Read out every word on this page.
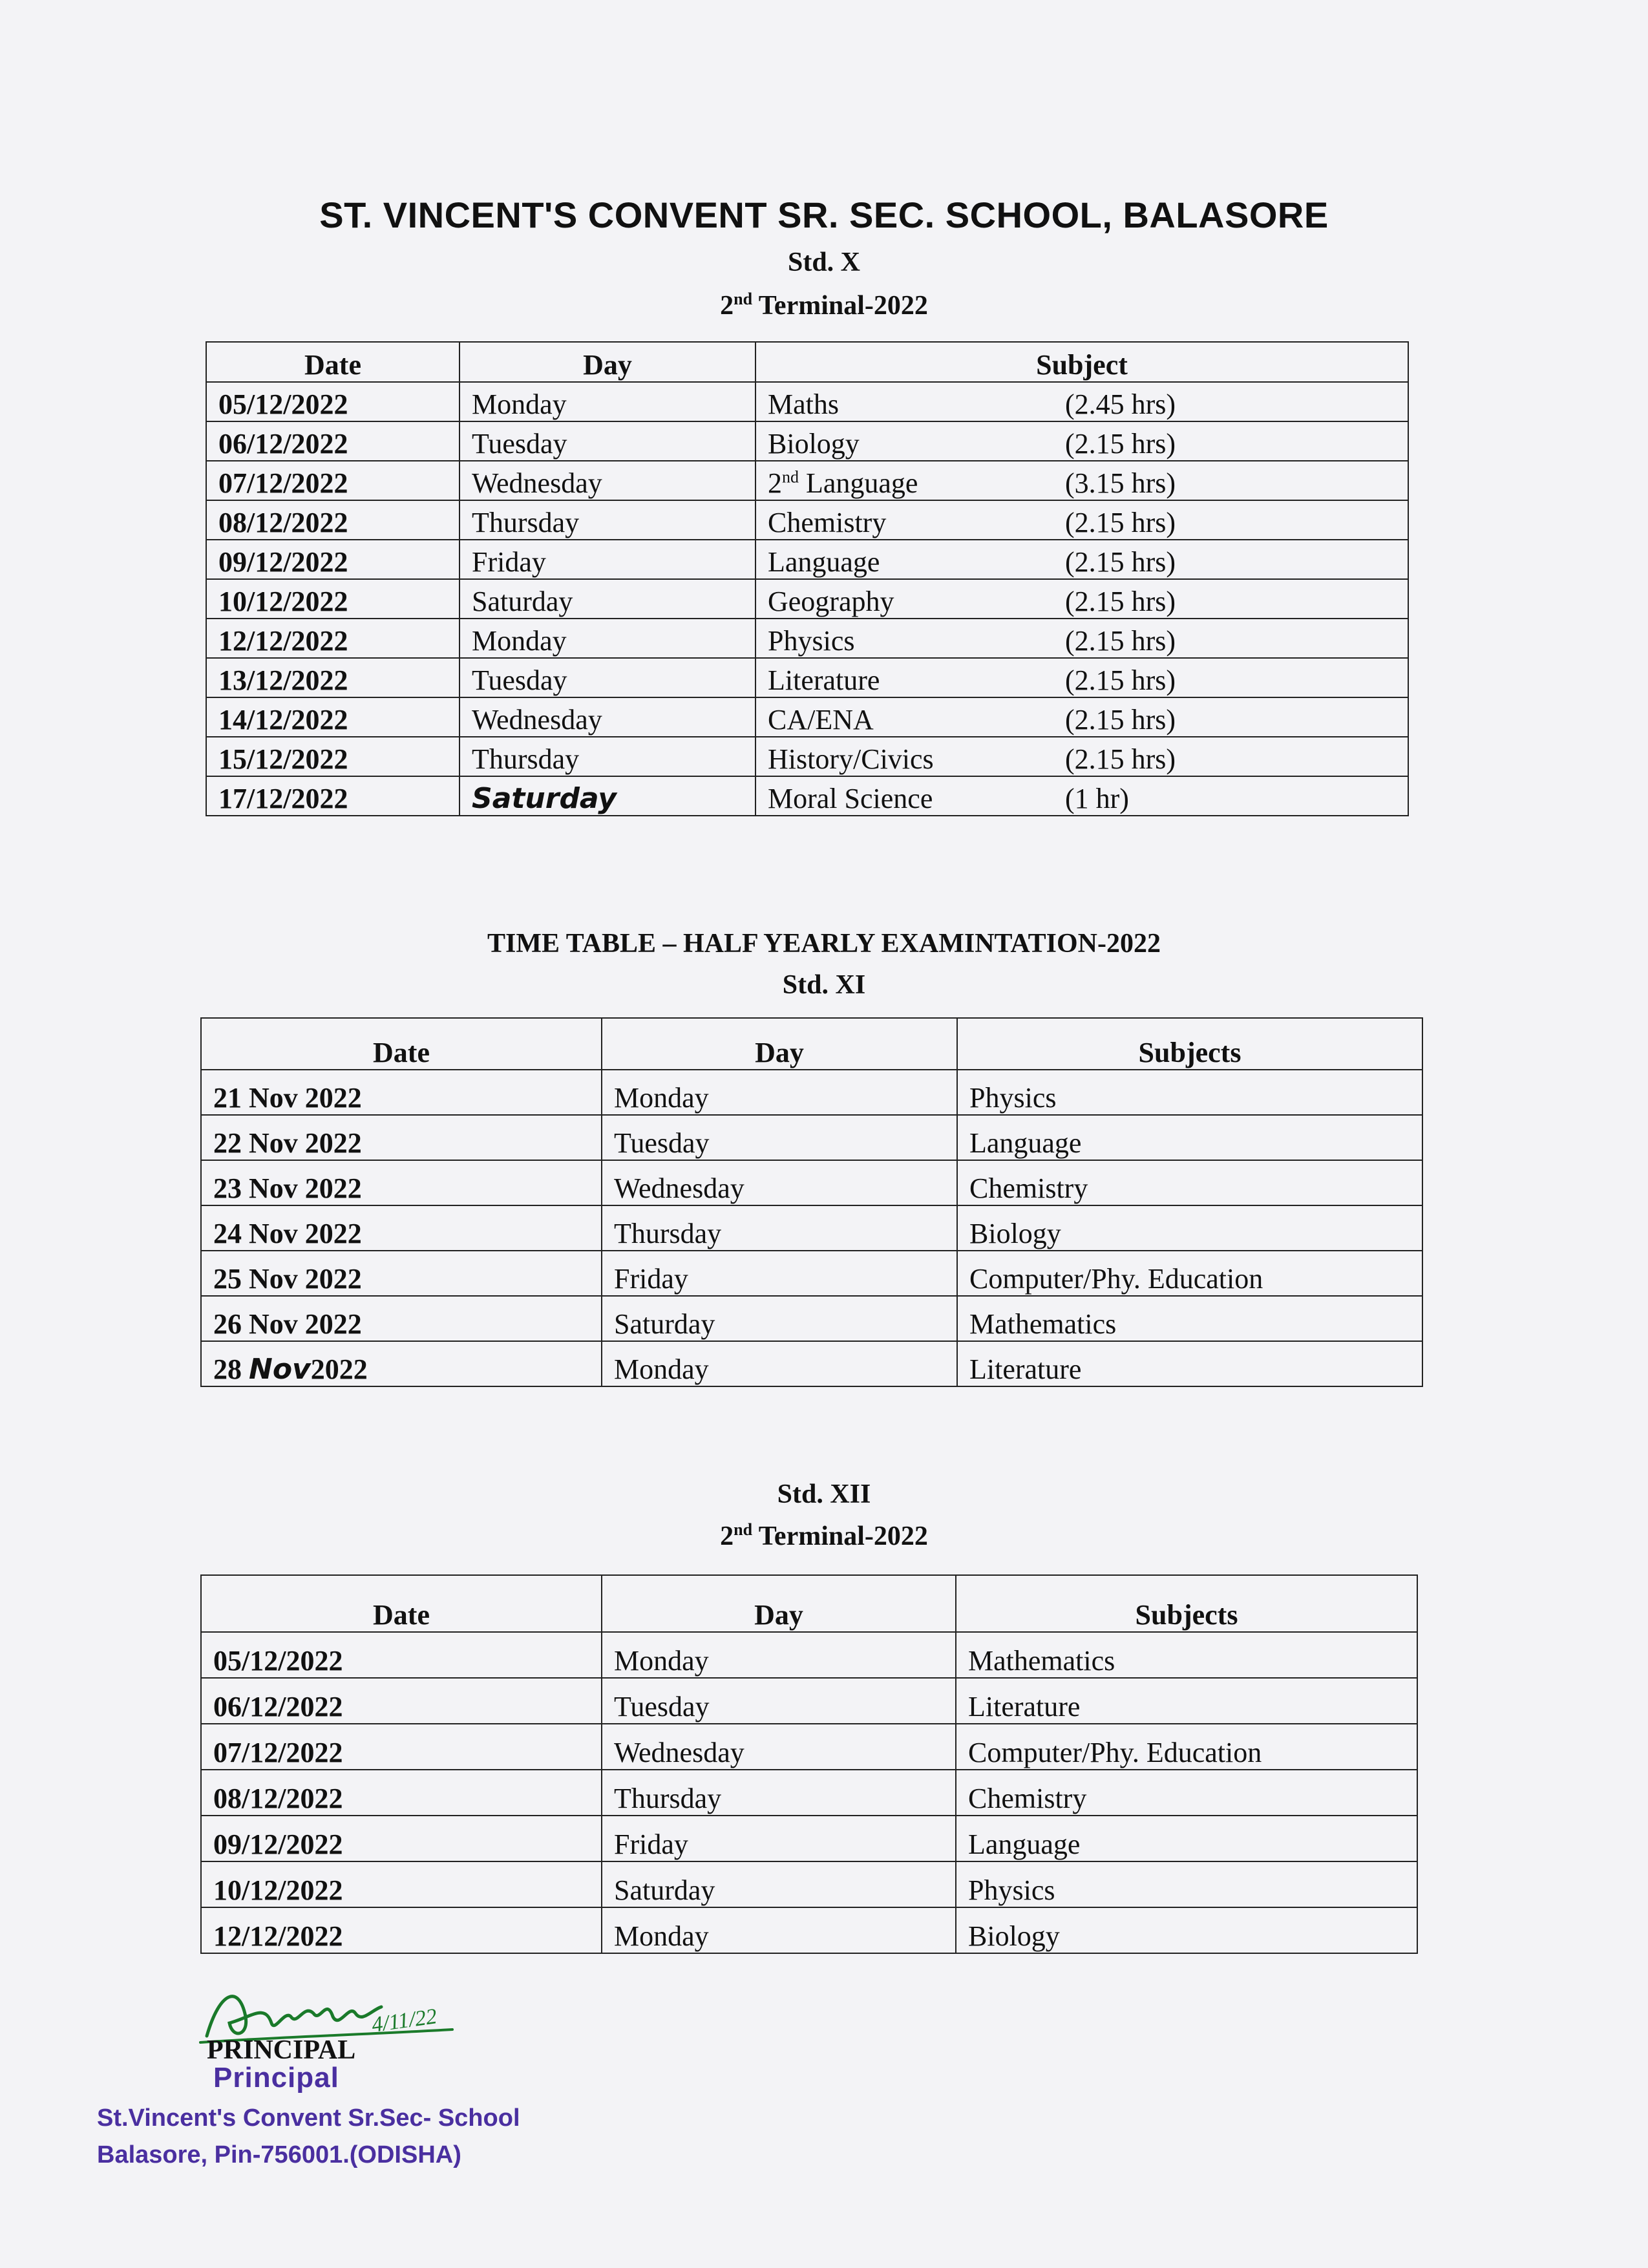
ST. VINCENT'S CONVENT SR. SEC. SCHOOL, BALASORE
Std. X
2nd Terminal-2022
Date	Day	Subject
05/12/2022	Monday	Maths (2.45 hrs)
06/12/2022	Tuesday	Biology (2.15 hrs)
07/12/2022	Wednesday	2nd Language (3.15 hrs)
08/12/2022	Thursday	Chemistry (2.15 hrs)
09/12/2022	Friday	Language (2.15 hrs)
10/12/2022	Saturday	Geography (2.15 hrs)
12/12/2022	Monday	Physics (2.15 hrs)
13/12/2022	Tuesday	Literature (2.15 hrs)
14/12/2022	Wednesday	CA/ENA (2.15 hrs)
15/12/2022	Thursday	History/Civics (2.15 hrs)
17/12/2022	Saturday	Moral Science (1 hr)
TIME TABLE – HALF YEARLY EXAMINTATION-2022
Std. XI
Date	Day	Subjects
21 Nov 2022	Monday	Physics
22 Nov 2022	Tuesday	Language
23 Nov 2022	Wednesday	Chemistry
24 Nov 2022	Thursday	Biology
25 Nov 2022	Friday	Computer/Phy. Education
26 Nov 2022	Saturday	Mathematics
28 Nov2022	Monday	Literature
Std. XII
2nd Terminal-2022
Date	Day	Subjects
05/12/2022	Monday	Mathematics
06/12/2022	Tuesday	Literature
07/12/2022	Wednesday	Computer/Phy. Education
08/12/2022	Thursday	Chemistry
09/12/2022	Friday	Language
10/12/2022	Saturday	Physics
12/12/2022	Monday	Biology
4/11/22
PRINCIPAL
Principal
St.Vincent's Convent Sr.Sec- School
Balasore, Pin-756001.(ODISHA)
